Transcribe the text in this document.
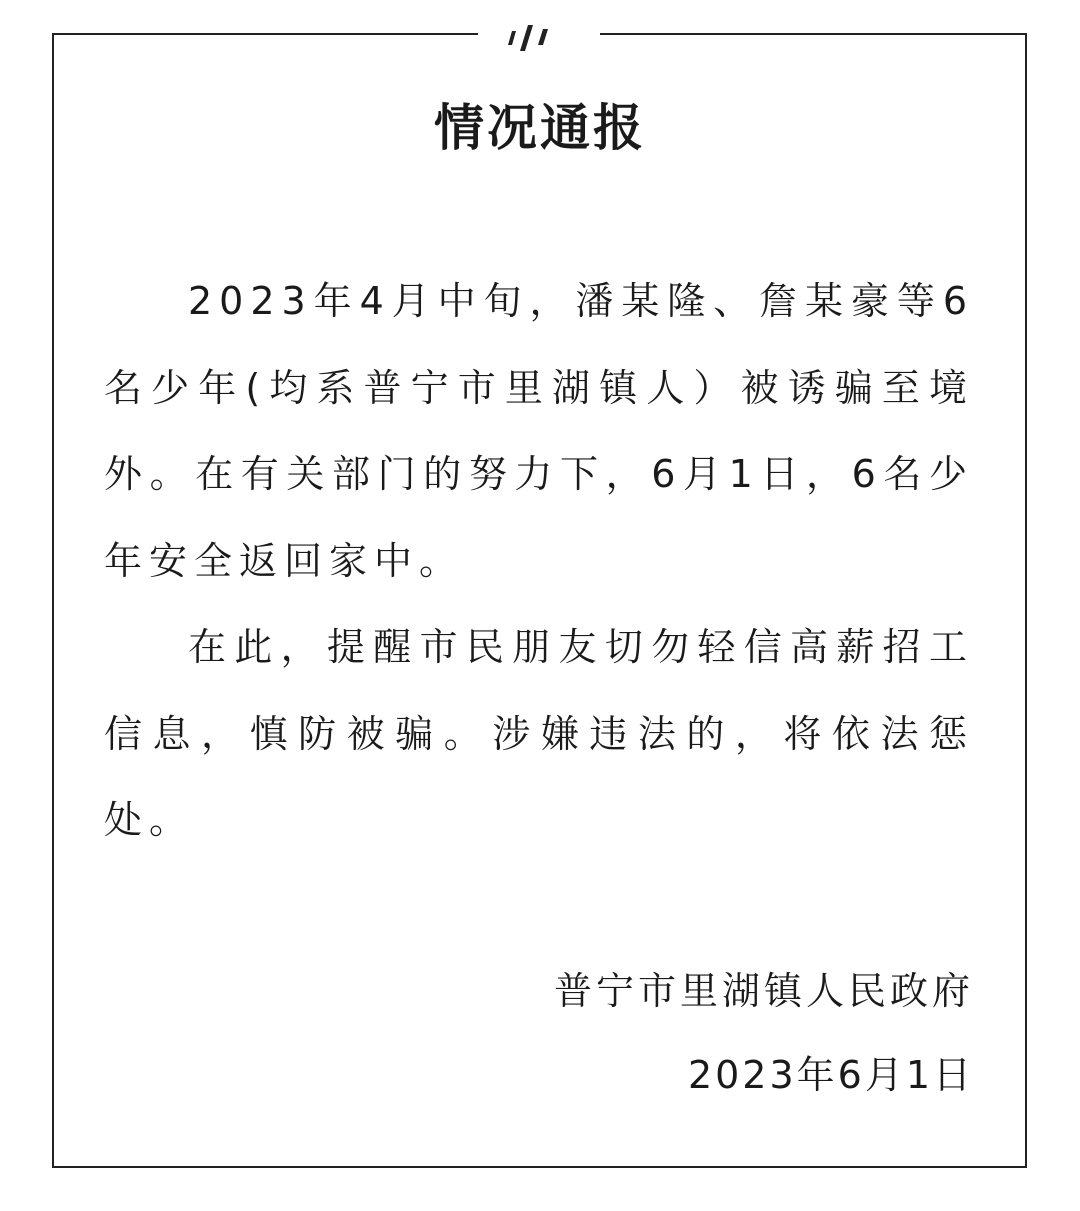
情况通报

2023年4月中旬，潘某隆、詹某豪等6名少年(均系普宁市里湖镇人）被诱骗至境外。在有关部门的努力下，6月1日，6名少年安全返回家中。

在此，提醒市民朋友切勿轻信高薪招工信息，慎防被骗。涉嫌违法的，将依法惩处。

普宁市里湖镇人民政府
2023年6月1日
